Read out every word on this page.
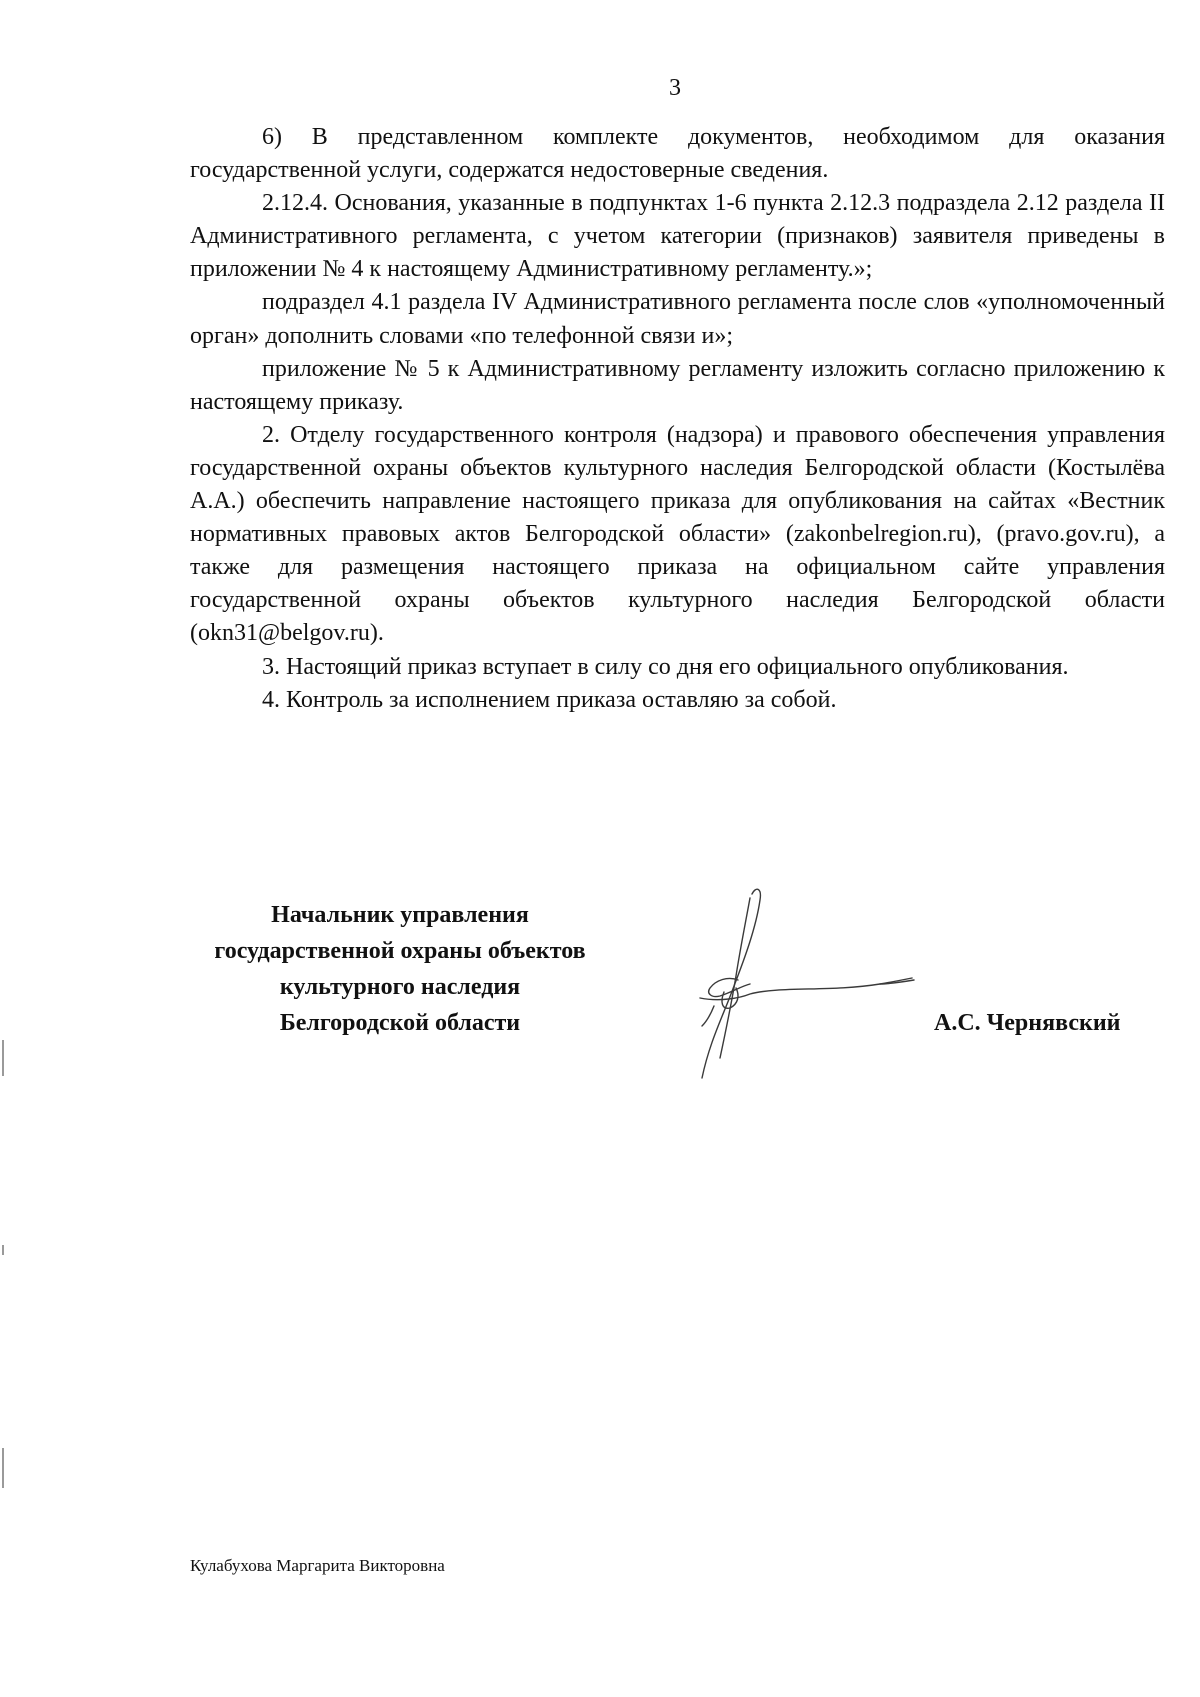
3

6) В представленном комплекте документов, необходимом для оказания государственной услуги, содержатся недостоверные сведения.

2.12.4. Основания, указанные в подпунктах 1-6 пункта 2.12.3 подраздела 2.12 раздела II Административного регламента, с учетом категории (признаков) заявителя приведены в приложении № 4 к настоящему Административному регламенту.»;

подраздел 4.1 раздела IV Административного регламента после слов «уполномоченный орган» дополнить словами «по телефонной связи и»;

приложение № 5 к Административному регламенту изложить согласно приложению к настоящему приказу.

2. Отделу государственного контроля (надзора) и правового обеспечения управления государственной охраны объектов культурного наследия Белгородской области (Костылёва А.А.) обеспечить направление настоящего приказа для опубликования на сайтах «Вестник нормативных правовых актов Белгородской области» (zakonbelregion.ru), (pravo.gov.ru), а также для размещения настоящего приказа на официальном сайте управления государственной охраны объектов культурного наследия Белгородской области (okn31@belgov.ru).

3. Настоящий приказ вступает в силу со дня его официального опубликования.

4. Контроль за исполнением приказа оставляю за собой.

Начальник управления
государственной охраны объектов
культурного наследия
Белгородской области	А.С. Чернявский
Кулабухова Маргарита Викторовна
